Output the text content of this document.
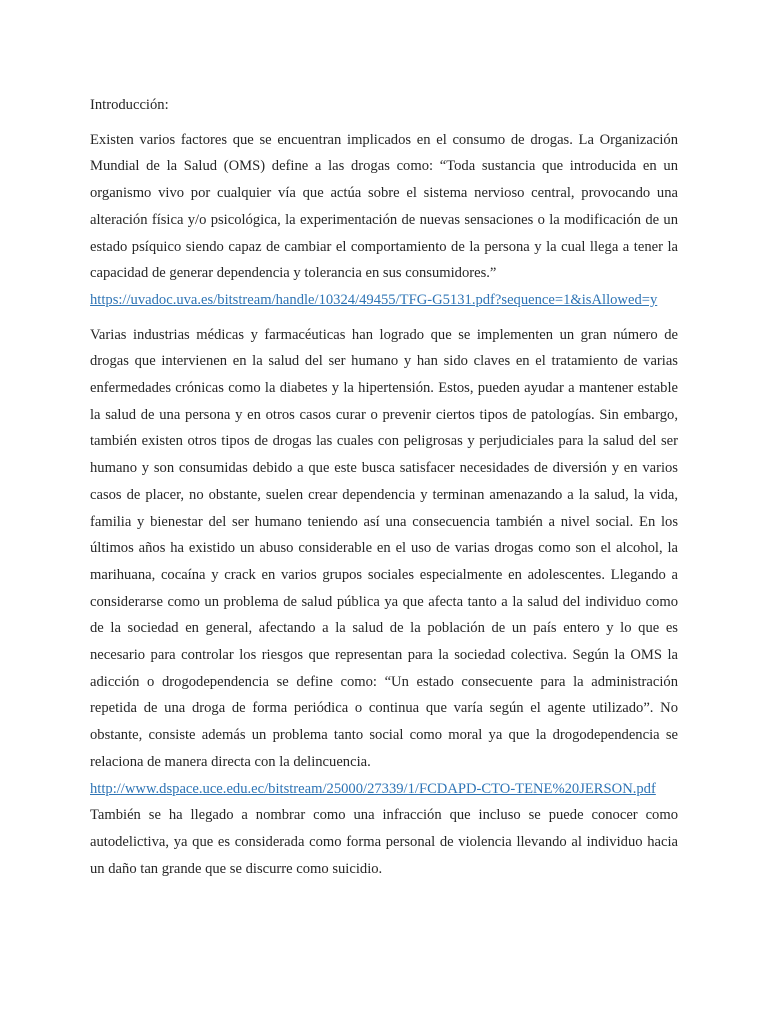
Introducción:

Existen varios factores que se encuentran implicados en el consumo de drogas. La Organización Mundial de la Salud (OMS) define a las drogas como: “Toda sustancia que introducida en un organismo vivo por cualquier vía que actúa sobre el sistema nervioso central, provocando una alteración física y/o psicológica, la experimentación de nuevas sensaciones o la modificación de un estado psíquico siendo capaz de cambiar el comportamiento de la persona y la cual llega a tener la capacidad de generar dependencia y tolerancia en sus consumidores.”

https://uvadoc.uva.es/bitstream/handle/10324/49455/TFG-G5131.pdf?sequence=1&isAllowed=y

Varias industrias médicas y farmacéuticas han logrado que se implementen un gran número de drogas que intervienen en la salud del ser humano y han sido claves en el tratamiento de varias enfermedades crónicas como la diabetes y la hipertensión. Estos, pueden ayudar a mantener estable la salud de una persona y en otros casos curar o prevenir ciertos tipos de patologías. Sin embargo, también existen otros tipos de drogas las cuales con peligrosas y perjudiciales para la salud del ser humano y son consumidas debido a que este busca satisfacer necesidades de diversión y en varios casos de placer, no obstante, suelen crear dependencia y terminan amenazando a la salud, la vida, familia y bienestar del ser humano teniendo así una consecuencia también a nivel social. En los últimos años ha existido un abuso considerable en el uso de varias drogas como son el alcohol, la marihuana, cocaína y crack en varios grupos sociales especialmente en adolescentes. Llegando a considerarse como un problema de salud pública ya que afecta tanto a la salud del individuo como de la sociedad en general, afectando a la salud de la población de un país entero y lo que es necesario para controlar los riesgos que representan para la sociedad colectiva. Según la OMS la adicción o drogodependencia se define como: “Un estado consecuente para la administración repetida de una droga de forma periódica o continua que varía según el agente utilizado”. No obstante, consiste además un problema tanto social como moral ya que la drogodependencia se relaciona de manera directa con la delincuencia.

http://www.dspace.uce.edu.ec/bitstream/25000/27339/1/FCDAPD-CTO-TENE%20JERSON.pdf

También se ha llegado a nombrar como una infracción que incluso se puede conocer como autodelictiva, ya que es considerada como forma personal de violencia llevando al individuo hacia un daño tan grande que se discurre como suicidio.
